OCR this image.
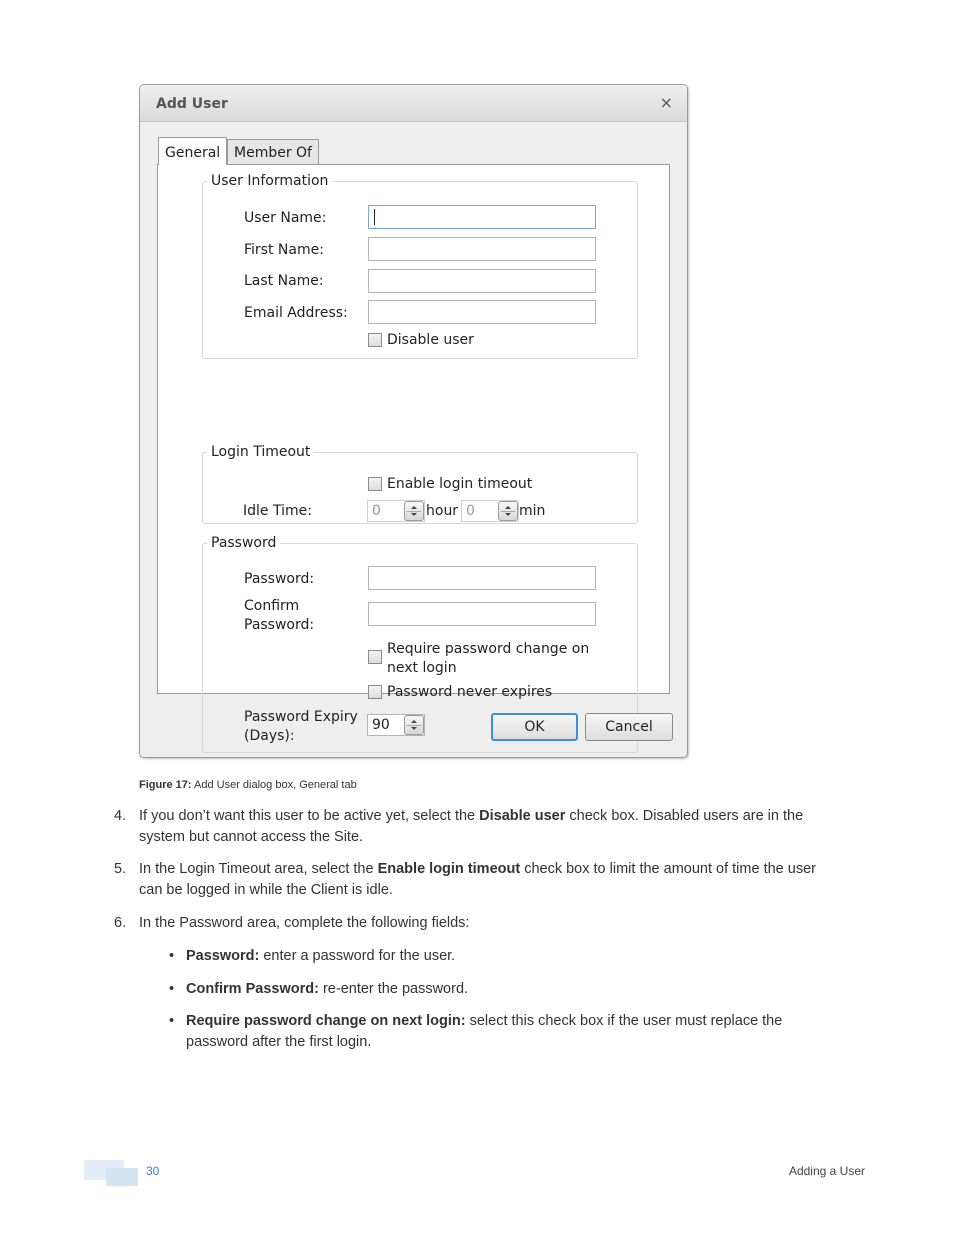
Add User	×
General Member Of
User Information
User Name:
First Name:
Last Name:
Email Address:
Disable user
Login Timeout
Enable login timeout
Idle Time:	0	hour 0	min
Password
Password:
Confirm
Password:
Require password change on
next login
Password never expires
Password Expiry
(Days):
90	OK	Cancel
Figure 17: Add User dialog box, General tab
4. If you don’t want this user to be active yet, select the Disable user check box. Disabled users are in the
system but cannot access the Site.
5. In the Login Timeout area, select the Enable login timeout check box to limit the amount of time the user
can be logged in while the Client is idle.
6. In the Password area, complete the following fields:
• Password: enter a password for the user.
• Confirm Password: re-enter the password.
• Require password change on next login: select this check box if the user must replace the
password after the first login.
30	Adding a User
